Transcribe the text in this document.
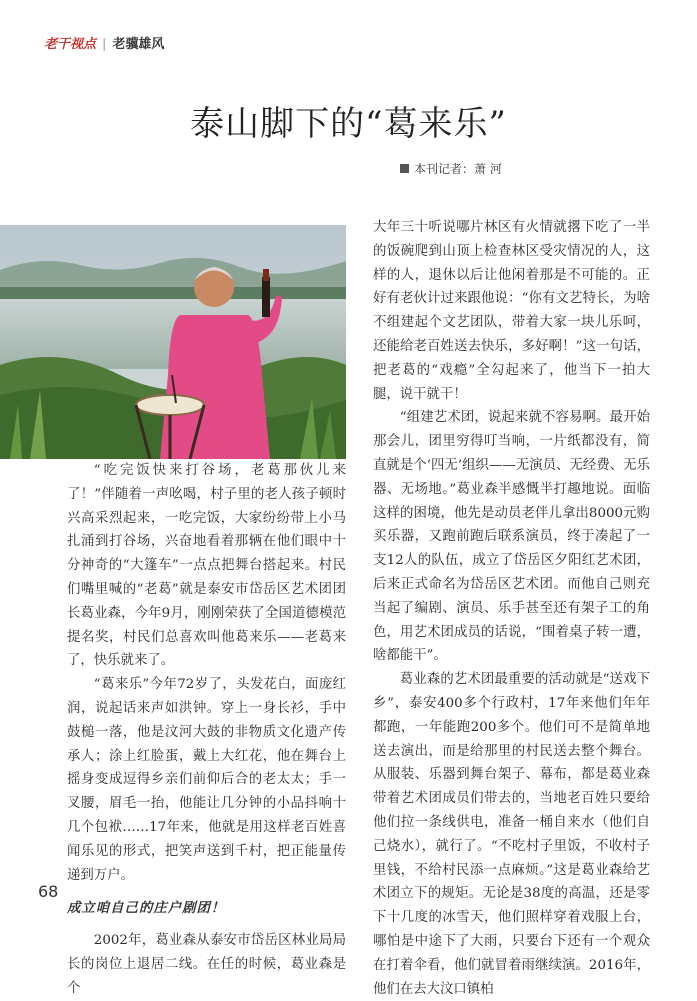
老干视点 | 老骥雄风
泰山脚下的“葛来乐”
本刊记者：萧 河

“吃完饭快来打谷场，老葛那伙儿来了！”伴随着一声吆喝，村子里的老人孩子顿时兴高采烈起来，一吃完饭，大家纷纷带上小马扎涌到打谷场，兴奋地看着那辆在他们眼中十分神奇的“大篷车”一点点把舞台搭起来。村民们嘴里喊的“老葛”就是泰安市岱岳区艺术团团长葛业森，今年9月，刚刚荣获了全国道德模范提名奖，村民们总喜欢叫他葛来乐——老葛来了，快乐就来了。

“葛来乐”今年72岁了，头发花白，面庞红润，说起话来声如洪钟。穿上一身长衫，手中鼓槌一落，他是汶河大鼓的非物质文化遗产传承人；涂上红脸蛋，戴上大红花，他在舞台上摇身变成逗得乡亲们前仰后合的老太太；手一叉腰，眉毛一抬，他能让几分钟的小品抖响十几个包袱……17年来，他就是用这样老百姓喜闻乐见的形式，把笑声送到千村，把正能量传递到万户。

成立咱自己的庄户剧团！

2002年，葛业森从泰安市岱岳区林业局局长的岗位上退居二线。在任的时候，葛业森是个

大年三十听说哪片林区有火情就撂下吃了一半的饭碗爬到山顶上检查林区受灾情况的人，这样的人，退休以后让他闲着那是不可能的。正好有老伙计过来跟他说：“你有文艺特长，为啥不组建起个文艺团队，带着大家一块儿乐呵，还能给老百姓送去快乐，多好啊！”这一句话，把老葛的“戏瘾”全勾起来了，他当下一拍大腿，说干就干！

“组建艺术团，说起来就不容易啊。最开始那会儿，团里穷得叮当响，一片纸都没有，简直就是个‘四无’组织——无演员、无经费、无乐器、无场地。”葛业森半感慨半打趣地说。面临这样的困境，他先是动员老伴儿拿出8000元购买乐器，又跑前跑后联系演员，终于凑起了一支12人的队伍，成立了岱岳区夕阳红艺术团，后来正式命名为岱岳区艺术团。而他自己则充当起了编剧、演员、乐手甚至还有架子工的角色，用艺术团成员的话说，“围着桌子转一遭，啥都能干”。

葛业森的艺术团最重要的活动就是“送戏下乡”，泰安400多个行政村，17年来他们年年都跑，一年能跑200多个。他们可不是简单地送去演出，而是给那里的村民送去整个舞台。从服装、乐器到舞台架子、幕布，都是葛业森带着艺术团成员们带去的，当地老百姓只要给他们拉一条线供电，准备一桶自来水（他们自己烧水），就行了。“不吃村子里饭，不收村子里钱，不给村民添一点麻烦。”这是葛业森给艺术团立下的规矩。无论是38度的高温，还是零下十几度的冰雪天，他们照样穿着戏服上台，哪怕是中途下了大雨，只要台下还有一个观众在打着伞看，他们就冒着雨继续演。2016年，他们在去大汶口镇柏

68
